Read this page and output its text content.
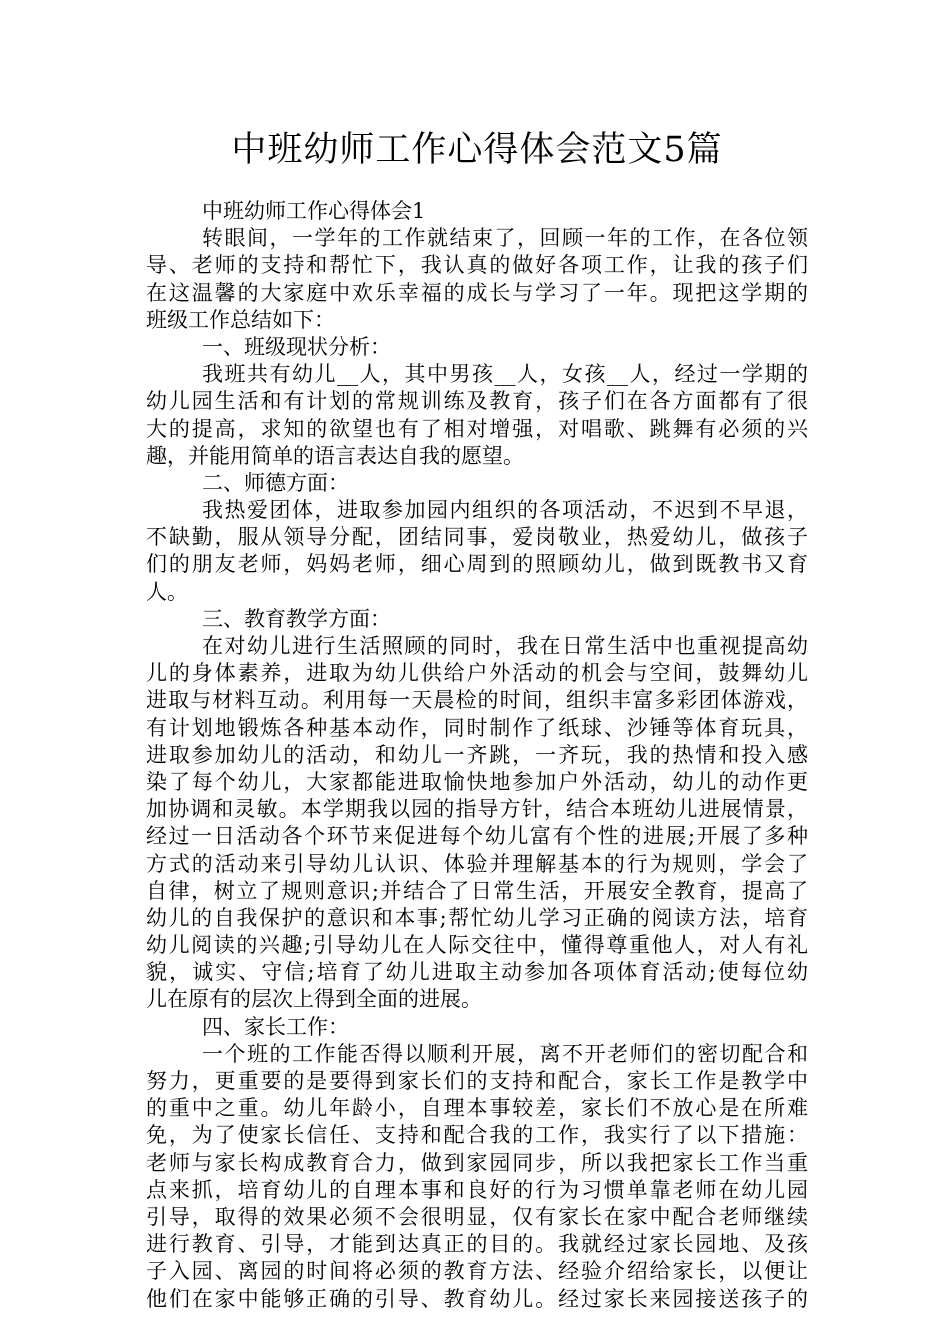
中班幼师工作心得体会范文5篇
中班幼师工作心得体会1
转眼间，一学年的工作就结束了，回顾一年的工作，在各位领
导、老师的支持和帮忙下，我认真的做好各项工作，让我的孩子们
在这温馨的大家庭中欢乐幸福的成长与学习了一年。现把这学期的
班级工作总结如下：
一、班级现状分析：
我班共有幼儿__人，其中男孩__人，女孩__人，经过一学期的
幼儿园生活和有计划的常规训练及教育，孩子们在各方面都有了很
大的提高，求知的欲望也有了相对增强，对唱歌、跳舞有必须的兴
趣，并能用简单的语言表达自我的愿望。
二、师德方面：
我热爱团体，进取参加园内组织的各项活动，不迟到不早退，
不缺勤，服从领导分配，团结同事，爱岗敬业，热爱幼儿，做孩子
们的朋友老师，妈妈老师，细心周到的照顾幼儿，做到既教书又育
人。
三、教育教学方面：
在对幼儿进行生活照顾的同时，我在日常生活中也重视提高幼
儿的身体素养，进取为幼儿供给户外活动的机会与空间，鼓舞幼儿
进取与材料互动。利用每一天晨检的时间，组织丰富多彩团体游戏，
有计划地锻炼各种基本动作，同时制作了纸球、沙锤等体育玩具，
进取参加幼儿的活动，和幼儿一齐跳，一齐玩，我的热情和投入感
染了每个幼儿，大家都能进取愉快地参加户外活动，幼儿的动作更
加协调和灵敏。本学期我以园的指导方针，结合本班幼儿进展情景，
经过一日活动各个环节来促进每个幼儿富有个性的进展;开展了多种
方式的活动来引导幼儿认识、体验并理解基本的行为规则，学会了
自律，树立了规则意识;并结合了日常生活，开展安全教育，提高了
幼儿的自我保护的意识和本事;帮忙幼儿学习正确的阅读方法，培育
幼儿阅读的兴趣;引导幼儿在人际交往中，懂得尊重他人，对人有礼
貌，诚实、守信;培育了幼儿进取主动参加各项体育活动;使每位幼
儿在原有的层次上得到全面的进展。
四、家长工作：
一个班的工作能否得以顺利开展，离不开老师们的密切配合和
努力，更重要的是要得到家长们的支持和配合，家长工作是教学中
的重中之重。幼儿年龄小，自理本事较差，家长们不放心是在所难
免，为了使家长信任、支持和配合我的工作，我实行了以下措施：
老师与家长构成教育合力，做到家园同步，所以我把家长工作当重
点来抓，培育幼儿的自理本事和良好的行为习惯单靠老师在幼儿园
引导，取得的效果必须不会很明显，仅有家长在家中配合老师继续
进行教育、引导，才能到达真正的目的。我就经过家长园地、及孩
子入园、离园的时间将必须的教育方法、经验介绍给家长，以便让
他们在家中能够正确的引导、教育幼儿。经过家长来园接送孩子的
